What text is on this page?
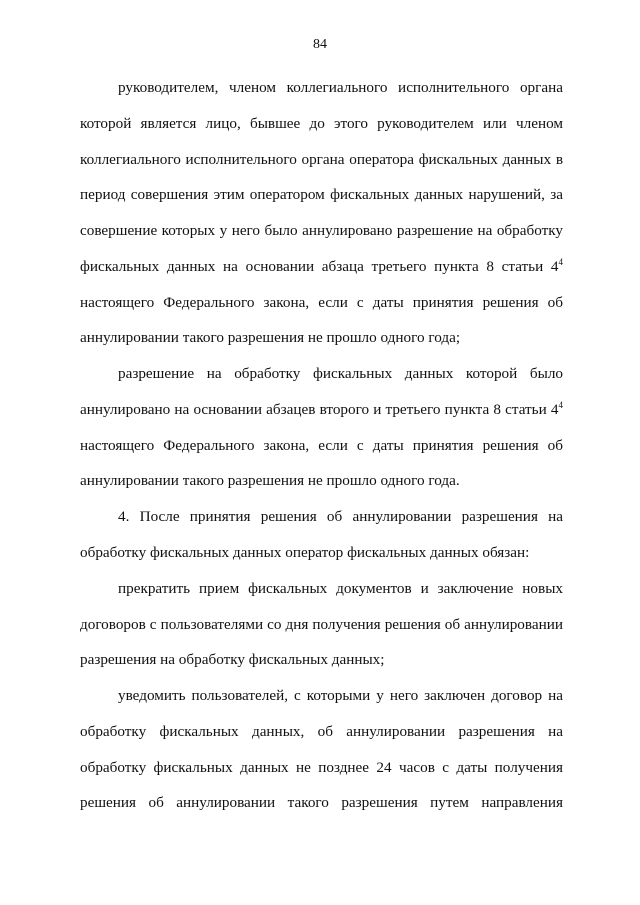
84
руководителем, членом коллегиального исполнительного органа
которой является лицо, бывшее до этого руководителем или членом
коллегиального исполнительного органа оператора фискальных данных в
период совершения этим оператором фискальных данных нарушений, за
совершение которых у него было аннулировано разрешение на обработку
фискальных данных на основании абзаца третьего пункта 8 статьи $4^4$
настоящего Федерального закона, если с даты принятия решения об
аннулировании такого разрешения не прошло одного года;
разрешение на обработку фискальных данных которой было
аннулировано на основании абзацев второго и третьего пункта 8 статьи $4^4$
настоящего Федерального закона, если с даты принятия решения об
аннулировании такого разрешения не прошло одного года.
4. После принятия решения об аннулировании разрешения на
обработку фискальных данных оператор фискальных данных обязан:
прекратить прием фискальных документов и заключение новых
договоров с пользователями со дня получения решения об аннулировании
разрешения на обработку фискальных данных;
уведомить пользователей, с которыми у него заключен договор на
обработку фискальных данных, об аннулировании разрешения на
обработку фискальных данных не позднее 24 часов с даты получения
решения об аннулировании такого разрешения путем направления
